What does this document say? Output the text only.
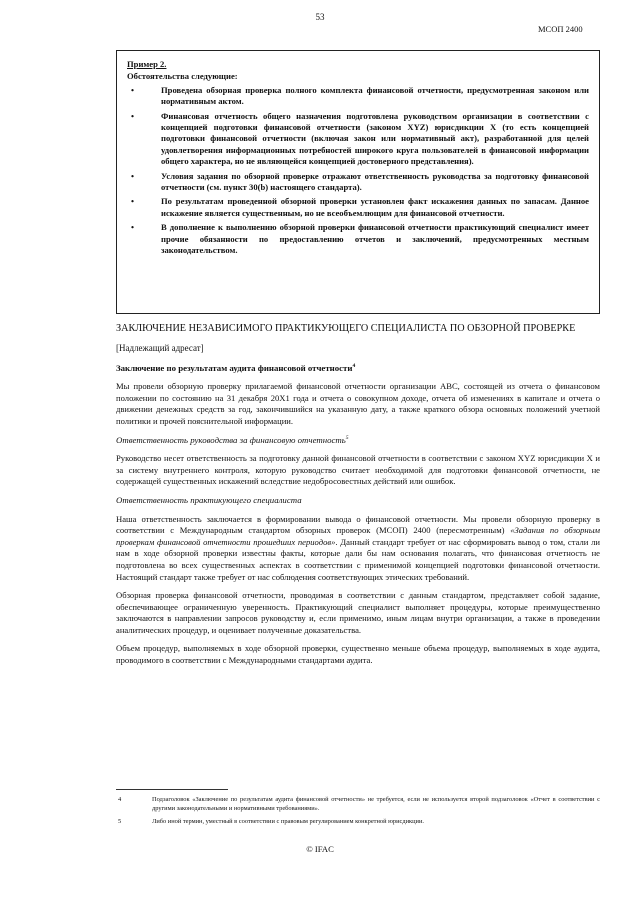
53
МСОП 2400
Пример 2.
Обстоятельства следующие:
•	Проведена обзорная проверка полного комплекта финансовой отчетности, предусмотренная законом или нормативным актом.
•	Финансовая отчетность общего назначения подготовлена руководством организации в соответствии с концепцией подготовки финансовой отчетности (законом XYZ) юрисдикции X (то есть концепцией подготовки финансовой отчетности (включая закон или нормативный акт), разработанной для целей удовлетворения информационных потребностей широкого круга пользователей в финансовой информации общего характера, но не являющейся концепцией достоверного представления).
•	Условия задания по обзорной проверке отражают ответственность руководства за подготовку финансовой отчетности (см. пункт 30(b) настоящего стандарта).
•	По результатам проведенной обзорной проверки установлен факт искажения данных по запасам. Данное искажение является существенным, но не всеобъемлющим для финансовой отчетности.
•	В дополнение к выполнению обзорной проверки финансовой отчетности практикующий специалист имеет прочие обязанности по предоставлению отчетов и заключений, предусмотренных местным законодательством.
ЗАКЛЮЧЕНИЕ НЕЗАВИСИМОГО ПРАКТИКУЮЩЕГО СПЕЦИАЛИСТА ПО ОБЗОРНОЙ ПРОВЕРКЕ

[Надлежащий адресат]

Заключение по результатам аудита финансовой отчетности$^4$

Мы провели обзорную проверку прилагаемой финансовой отчетности организации АВС, состоящей из отчета о финансовом положении по состоянию на 31 декабря 20X1 года и отчета о совокупном доходе, отчета об изменениях в капитале и отчета о движении денежных средств за год, закончившийся на указанную дату, а также краткого обзора основных положений учетной политики и прочей пояснительной информации.

Ответственность руководства за финансовую отчетность$^5$

Руководство несет ответственность за подготовку данной финансовой отчетности в соответствии с законом XYZ юрисдикции X и за систему внутреннего контроля, которую руководство считает необходимой для подготовки финансовой отчетности, не содержащей существенных искажений вследствие недобросовестных действий или ошибок.

Ответственность практикующего специалиста

Наша ответственность заключается в формировании вывода о финансовой отчетности. Мы провели обзорную проверку в соответствии с Международным стандартом обзорных проверок (МСОП) 2400 (пересмотренным) «Задания по обзорным проверкам финансовой отчетности прошедших периодов». Данный стандарт требует от нас сформировать вывод о том, стали ли нам в ходе обзорной проверки известны факты, которые дали бы нам основания полагать, что финансовая отчетность не подготовлена во всех существенных аспектах в соответствии с применимой концепцией подготовки финансовой отчетности. Настоящий стандарт также требует от нас соблюдения соответствующих этических требований.

Обзорная проверка финансовой отчетности, проводимая в соответствии с данным стандартом, представляет собой задание, обеспечивающее ограниченную уверенность. Практикующий специалист выполняет процедуры, которые преимущественно заключаются в направлении запросов руководству и, если применимо, иным лицам внутри организации, а также в проведении аналитических процедур, и оценивает полученные доказательства.

Объем процедур, выполняемых в ходе обзорной проверки, существенно меньше объема процедур, выполняемых в ходе аудита, проводимого в соответствии с Международными стандартами аудита.

4	Подзаголовок «Заключение по результатам аудита финансовой отчетности» не требуется, если не используется второй подзаголовок «Отчет в соответствии с другими законодательными и нормативными требованиями».
5	Либо иной термин, уместный в соответствии с правовым регулированием конкретной юрисдикции.
© IFAC
